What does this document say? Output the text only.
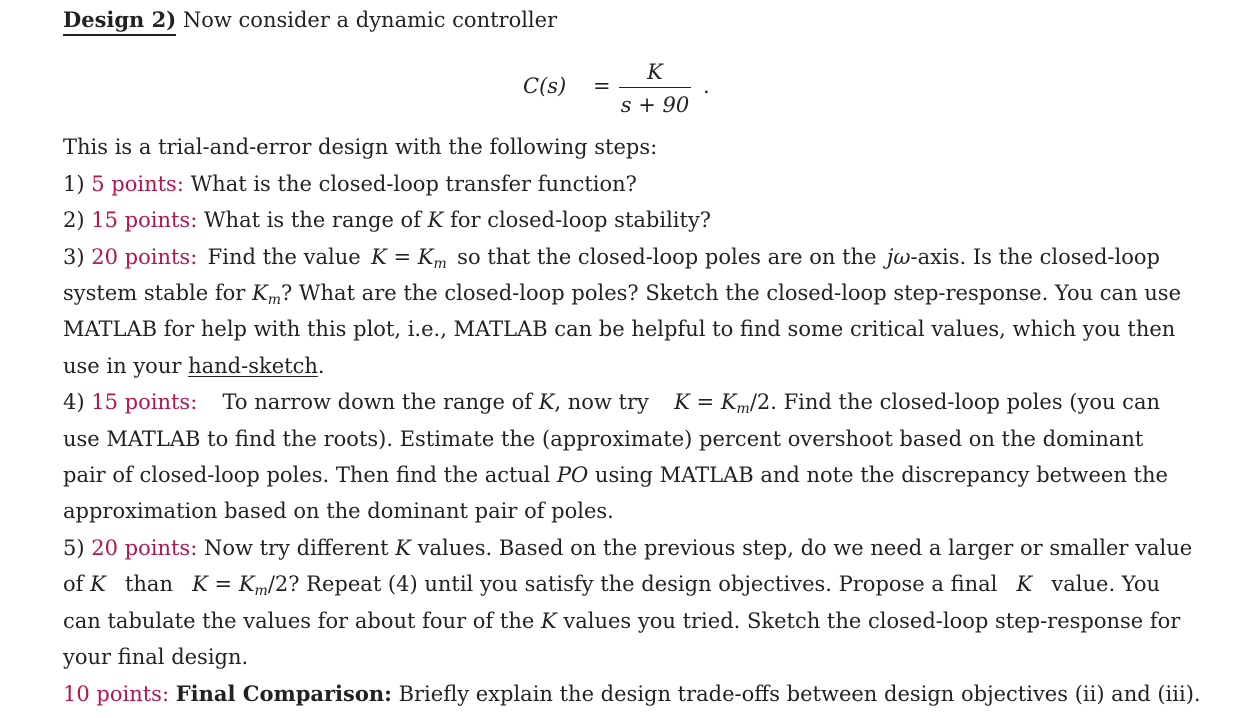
Design 2) Now consider a dynamic controller
C(s) =
K
s + 90
.
This is a trial-and-error design with the following steps:
1) 5 points: What is the closed-loop transfer function?
2) 15 points: What is the range of K for closed-loop stability?
3) 20 points: Find the value $K = K_m$ so that the closed-loop poles are on the jω-axis. Is the closed-loop
system stable for $K_m$? What are the closed-loop poles? Sketch the closed-loop step-response. You can use
MATLAB for help with this plot, i.e., MATLAB can be helpful to find some critical values, which you then
use in your hand-sketch.
4) 15 points: To narrow down the range of K, now try $K = K_m/2$. Find the closed-loop poles (you can
use MATLAB to find the roots). Estimate the (approximate) percent overshoot based on the dominant
pair of closed-loop poles. Then find the actual PO using MATLAB and note the discrepancy between the
approximation based on the dominant pair of poles.
5) 20 points: Now try different K values. Based on the previous step, do we need a larger or smaller value
of K than $K = K_m/2$? Repeat (4) until you satisfy the design objectives. Propose a final K value. You
can tabulate the values for about four of the K values you tried. Sketch the closed-loop step-response for
your final design.
10 points: Final Comparison: Briefly explain the design trade-offs between design objectives (ii) and (iii).
